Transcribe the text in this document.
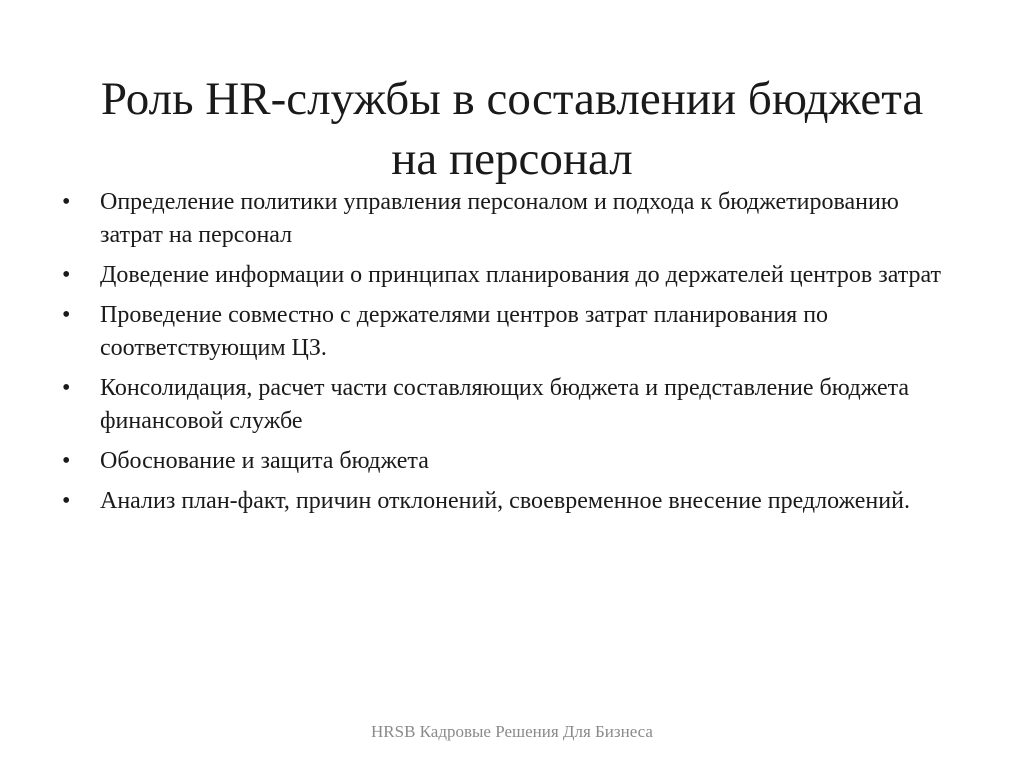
Роль HR-службы в составлении бюджета
на персонал
•	Определение политики управления персоналом и подхода к бюджетированию затрат на персонал
•	Доведение информации о принципах планирования до держателей центров затрат
•	Проведение совместно с держателями центров затрат планирования по соответствующим ЦЗ.
•	Консолидация, расчет части составляющих бюджета и представление бюджета финансовой службе
•	Обоснование и защита бюджета
•	Анализ план-факт, причин отклонений, своевременное внесение предложений.
HRSB Кадровые Решения Для Бизнеса
